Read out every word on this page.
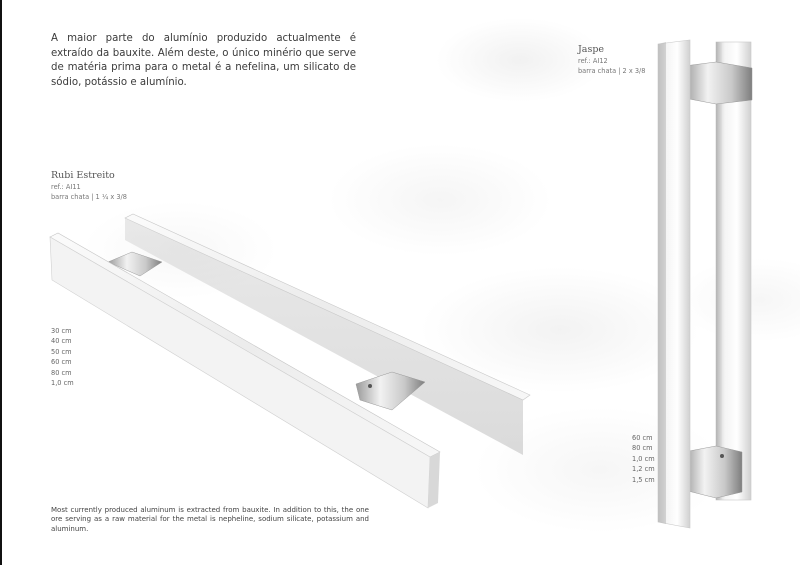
A maior parte do alumínio produzido actualmente é extraído da bauxite. Além deste, o único minério que serve de matéria prima para o metal é a nefelina, um silicato de sódio, potássio e alumínio.

Rubi Estreito

ref.: AI11

barra chata | 1 ¼ x 3/8

30 cm
40 cm
50 cm
60 cm
80 cm
1,0 cm

Jaspe

ref.: AI12

barra chata | 2 x 3/8

60 cm
80 cm
1,0 cm
1,2 cm
1,5 cm

Most currently produced aluminum is extracted from bauxite. In addition to this, the one ore serving as a raw material for the metal is nepheline, sodium silicate, potassium and aluminum.
